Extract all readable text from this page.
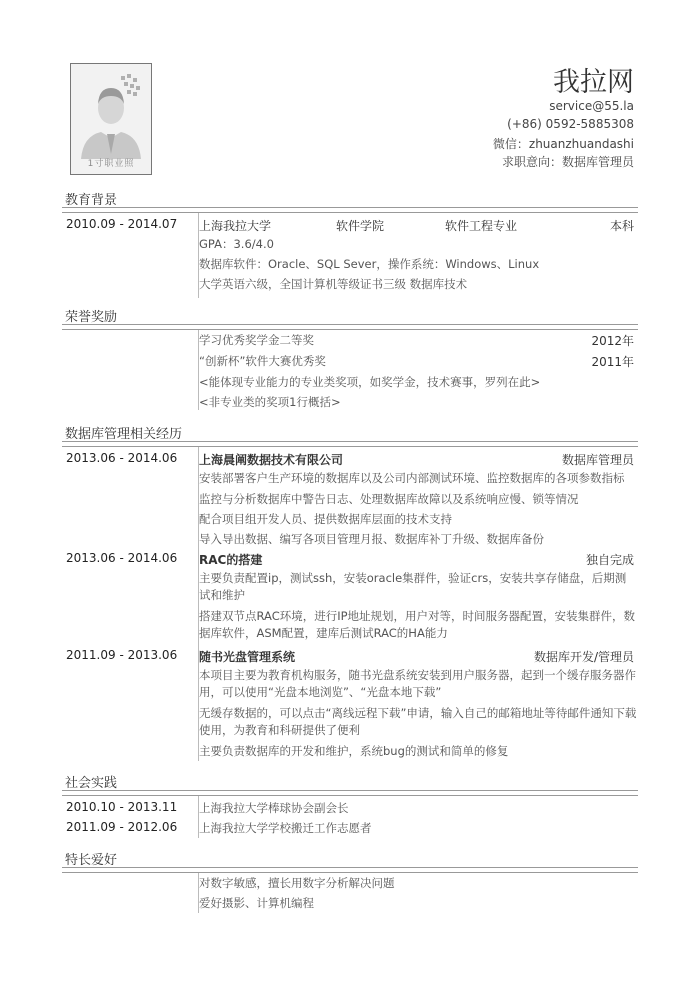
1寸职业照
我拉网
service@55.la
(+86) 0592-5885308
微信：zhuanzhuandashi
求职意向：数据库管理员
教育背景
2010.09 - 2014.07 上海我拉大学	软件学院	软件工程专业	本科
GPA：3.6/4.0
数据库软件：Oracle、SQL Sever，操作系统：Windows、Linux
大学英语六级，全国计算机等级证书三级 数据库技术
荣誉奖励
学习优秀奖学金二等奖	2012年
“创新杯”软件大赛优秀奖	2011年
<能体现专业能力的专业类奖项，如奖学金，技术赛事，罗列在此>
<非专业类的奖项1行概括>
数据库管理相关经历
2013.06 - 2014.06 上海晨阐数据技术有限公司	数据库管理员
安装部署客户生产环境的数据库以及公司内部测试环境、监控数据库的各项参数指标
监控与分析数据库中警告日志、处理数据库故障以及系统响应慢、锁等情况
配合项目组开发人员、提供数据库层面的技术支持
导入导出数据、编写各项目管理月报、数据库补丁升级、数据库备份
2013.06 - 2014.06 RAC的搭建	独自完成
主要负责配置ip，测试ssh，安装oracle集群件，验证crs，安装共享存储盘，后期测试和维护
搭建双节点RAC环境，进行IP地址规划，用户对等，时间服务器配置，安装集群件，数据库软件，ASM配置，建库后测试RAC的HA能力
2011.09 - 2013.06 随书光盘管理系统	数据库开发/管理员
本项目主要为教育机构服务，随书光盘系统安装到用户服务器，起到一个缓存服务器作用，可以使用“光盘本地浏览”、“光盘本地下载”
无缓存数据的，可以点击“离线远程下载”申请，输入自己的邮箱地址等待邮件通知下载使用，为教育和科研提供了便利
主要负责数据库的开发和维护，系统bug的测试和简单的修复
社会实践
2010.10 - 2013.11 上海我拉大学棒球协会副会长
2011.09 - 2012.06 上海我拉大学学校搬迁工作志愿者
特长爱好
对数字敏感，擅长用数字分析解决问题
爱好摄影、计算机编程
